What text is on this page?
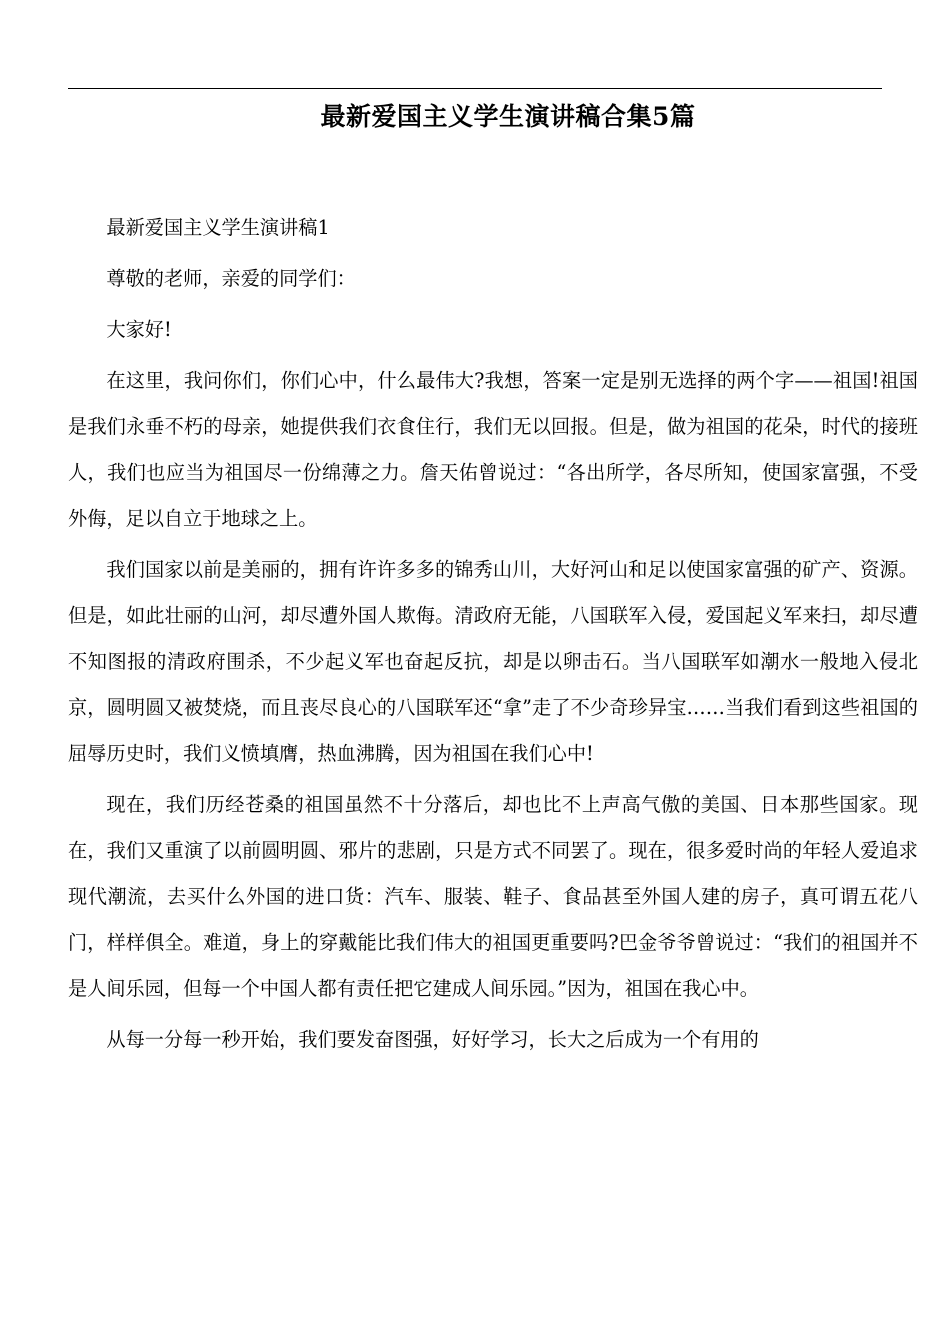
最新爱国主义学生演讲稿合集5篇

最新爱国主义学生演讲稿1

尊敬的老师，亲爱的同学们：

大家好!

在这里，我问你们，你们心中，什么最伟大?我想，答案一定是别无选择的两个字——祖国!祖国是我们永垂不朽的母亲，她提供我们衣食住行，我们无以回报。但是，做为祖国的花朵，时代的接班人，我们也应当为祖国尽一份绵薄之力。詹天佑曾说过：“各出所学，各尽所知，使国家富强，不受外侮，足以自立于地球之上。

我们国家以前是美丽的，拥有许许多多的锦秀山川，大好河山和足以使国家富强的矿产、资源。但是，如此壮丽的山河，却尽遭外国人欺侮。清政府无能，八国联军入侵，爱国起义军来扫，却尽遭不知图报的清政府围杀，不少起义军也奋起反抗，却是以卵击石。当八国联军如潮水一般地入侵北京，圆明圆又被焚烧，而且丧尽良心的八国联军还“拿”走了不少奇珍异宝……当我们看到这些祖国的屈辱历史时，我们义愤填膺，热血沸腾，因为祖国在我们心中!

现在，我们历经苍桑的祖国虽然不十分落后，却也比不上声高气傲的美国、日本那些国家。现在，我们又重演了以前圆明圆、邪片的悲剧，只是方式不同罢了。现在，很多爱时尚的年轻人爱追求现代潮流，去买什么外国的进口货：汽车、服装、鞋子、食品甚至外国人建的房子，真可谓五花八门，样样俱全。难道，身上的穿戴能比我们伟大的祖国更重要吗?巴金爷爷曾说过：“我们的祖国并不是人间乐园，但每一个中国人都有责任把它建成人间乐园。”因为，祖国在我心中。

从每一分每一秒开始，我们要发奋图强，好好学习，长大之后成为一个有用的
